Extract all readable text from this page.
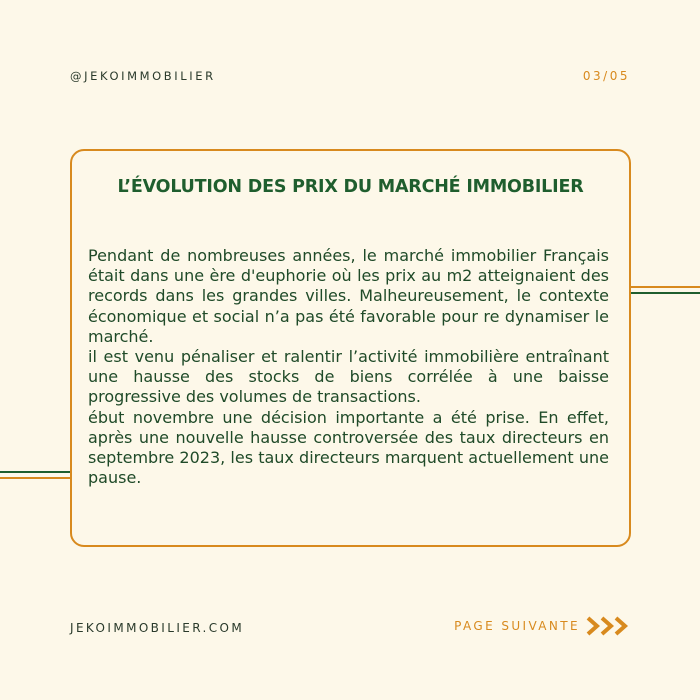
@JEKOIMMOBILIER	03/05
L’ÉVOLUTION DES PRIX DU MARCHÉ IMMOBILIER

Pendant de nombreuses années, le marché immobilier Français était dans une ère d'euphorie où les prix au m2 atteignaient des records dans les grandes villes. Malheureusement, le contexte économique et social n’a pas été favorable pour re dynamiser le marché.

il est venu pénaliser et ralentir l’activité immobilière entraînant une hausse des stocks de biens corrélée à une baisse progressive des volumes de transactions.

ébut novembre une décision importante a été prise. En effet, après une nouvelle hausse controversée des taux directeurs en septembre 2023, les taux directeurs marquent actuellement une pause.

JEKOIMMOBILIER.COM	PAGE SUIVANTE
